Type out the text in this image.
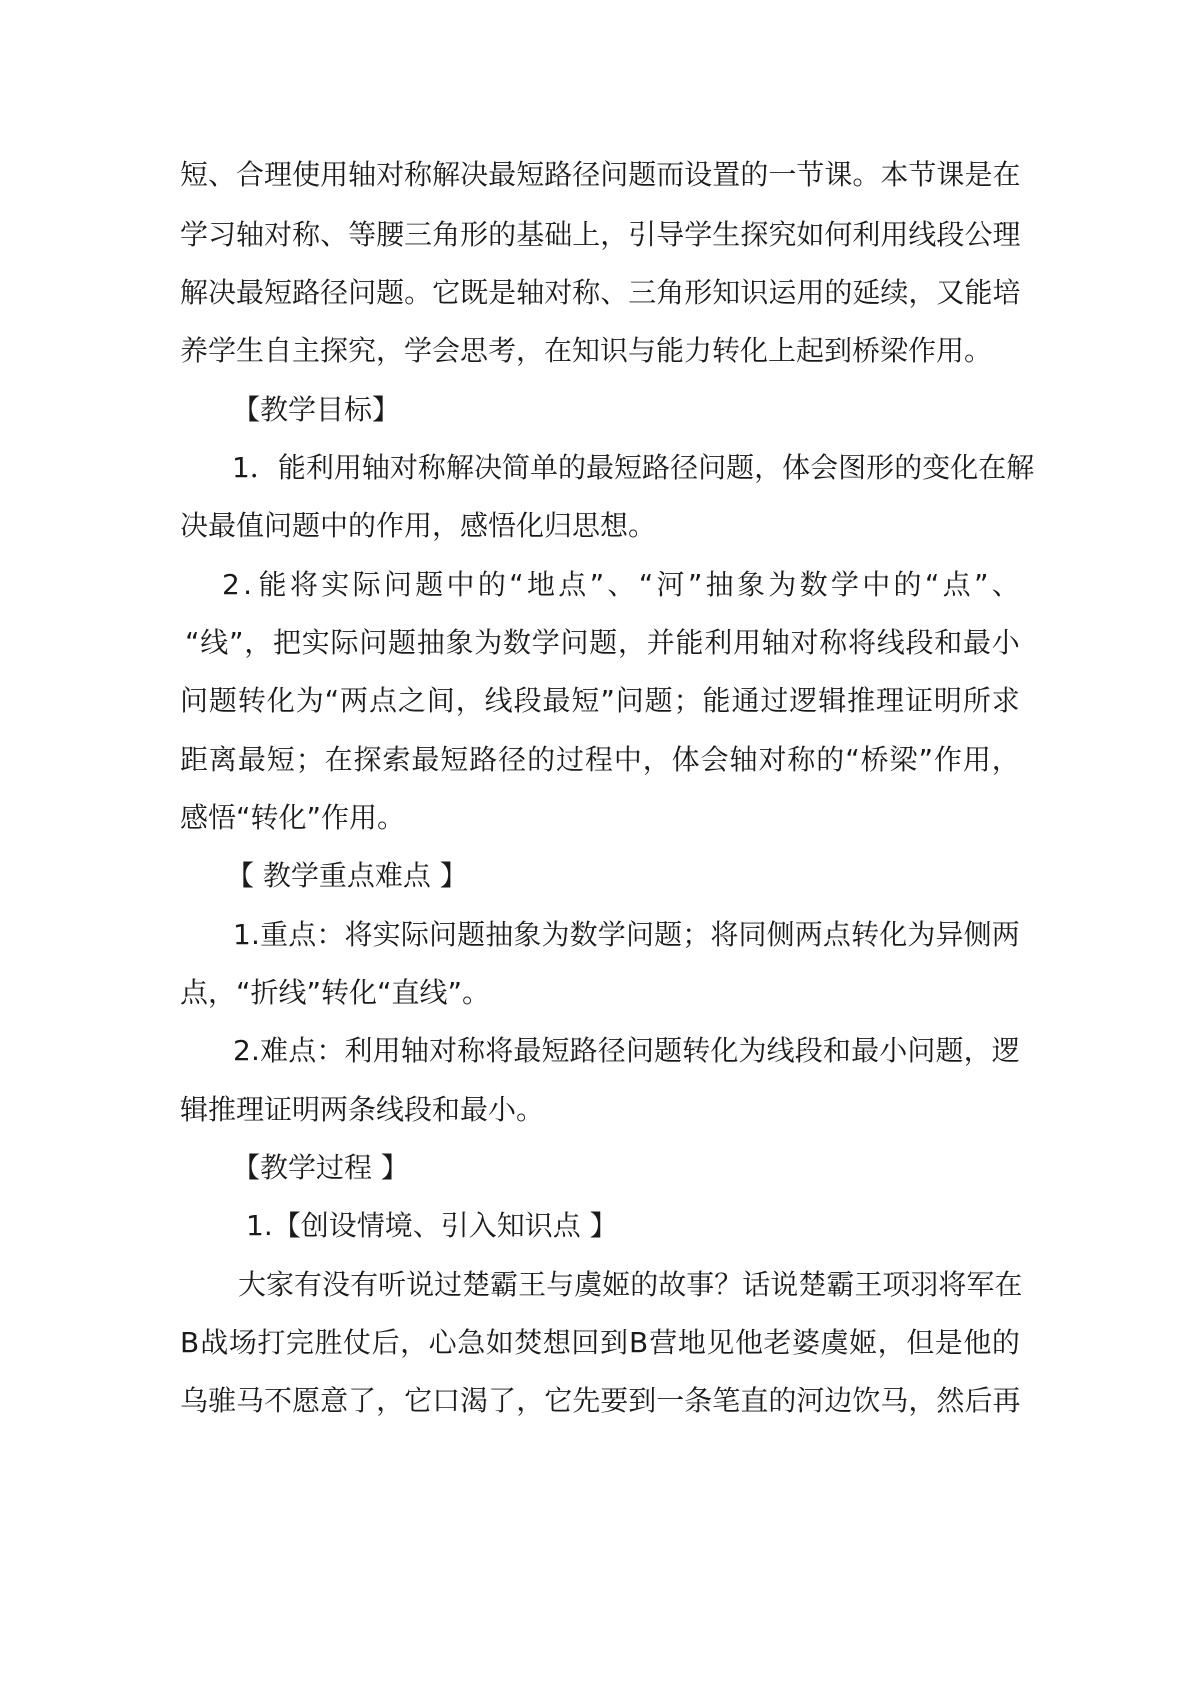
短 、 合 理 使 用 轴 对 称 解 决 最 短 路 径 问 题 而 设 置 的 一 节 课 。 本 节 课 是 在
学 习 轴 对 称 、 等 腰 三 角 形 的 基 础 上 ， 引 导 学 生 探 究 如 何 利 用 线 段 公 理
解 决 最 短 路 径 问 题 。 它 既 是 轴 对 称 、 三 角 形 知 识 运 用 的 延 续 ， 又 能 培
养学生自主探究，学会思考，在知识与能力转化上起到桥梁作用。
【教学目标】
1 ． 能 利 用 轴 对 称 解 决 简 单 的 最 短 路 径 问 题 ， 体 会 图 形 的 变 化 在 解
决最值问题中的作用，感悟化归思想。
2 . 能 将 实 际 问 题 中 的 “ 地 点 ” 、 “ 河 ” 抽 象 为 数 学 中 的 “ 点 ” 、
“ 线 ” ， 把 实 际 问 题 抽 象 为 数 学 问 题 ， 并 能 利 用 轴 对 称 将 线 段 和 最 小
问 题 转 化 为 “ 两 点 之 间 ， 线 段 最 短 ” 问 题 ； 能 通 过 逻 辑 推 理 证 明 所 求
距 离 最 短 ； 在 探 索 最 短 路 径 的 过 程 中 ， 体 会 轴 对 称 的 “ 桥 梁 ” 作 用 ，
感悟“转化”作用。
【 教学重点难点 】
1 . 重 点 ： 将 实 际 问 题 抽 象 为 数 学 问 题 ； 将 同 侧 两 点 转 化 为 异 侧 两
点，“折线”转化“直线”。
2 . 难 点 ： 利 用 轴 对 称 将 最 短 路 径 问 题 转 化 为 线 段 和 最 小 问 题 ， 逻
辑推理证明两条线段和最小。
【教学过程 】
1.【创设情境、引入知识点 】
大 家 有 没 有 听 说 过 楚 霸 王 与 虞 姬 的 故 事 ？ 话 说 楚 霸 王 项 羽 将 军 在
B 战 场 打 完 胜 仗 后 ， 心 急 如 焚 想 回 到 B 营 地 见 他 老 婆 虞 姬 ， 但 是 他 的
乌 骓 马 不 愿 意 了 ， 它 口 渴 了 ， 它 先 要 到 一 条 笔 直 的 河 边 饮 马 ， 然 后 再
